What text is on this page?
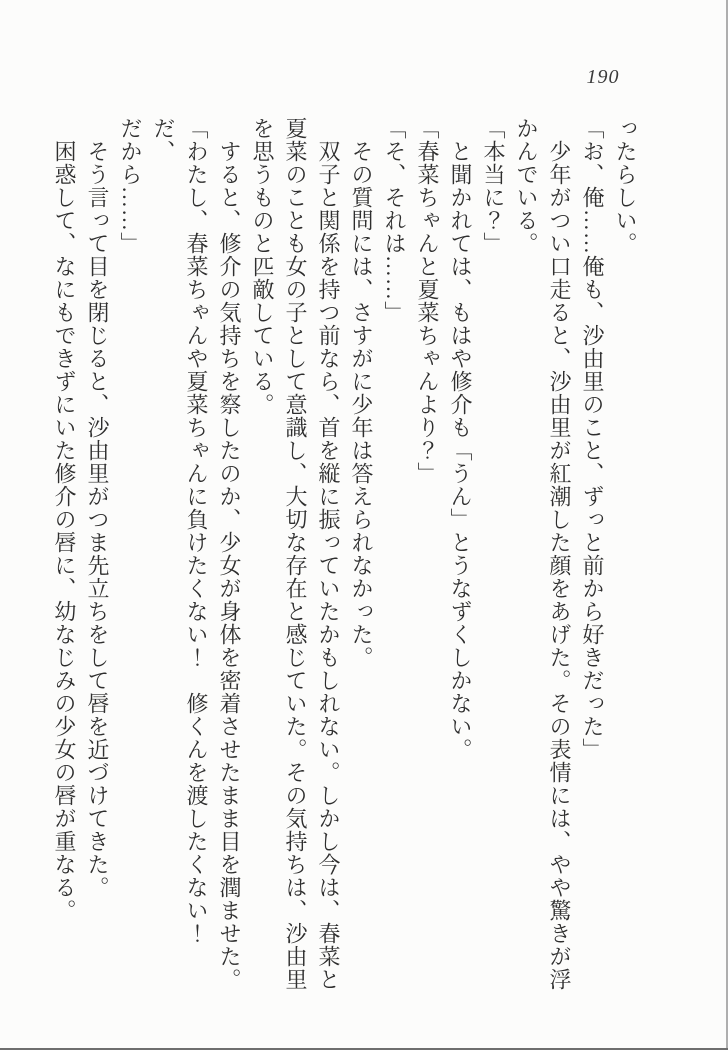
190

ったらしい。

「お、俺……俺も、沙由里のこと、ずっと前から好きだった」

　少年がつい口走ると、沙由里が紅潮した顔をあげた。その表情には、やや驚きが浮

かんでいる。

「本当に？」

　と聞かれては、もはや修介も「うん」とうなずくしかない。

「春菜ちゃんと夏菜ちゃんより？」

「そ、それは……」

　その質問には、さすがに少年は答えられなかった。

　双子と関係を持つ前なら、首を縦に振っていたかもしれない。しかし今は、春菜と

夏菜のことも女の子として意識し、大切な存在と感じていた。その気持ちは、沙由里

を思うものと匹敵している。

　すると、修介の気持ちを察したのか、少女が身体を密着させたまま目を潤ませた。

「わたし、春菜ちゃんや夏菜ちゃんに負けたくない！　修くんを渡したくない！　だ、

だから……」

　そう言って目を閉じると、沙由里がつま先立ちをして唇を近づけてきた。

　困惑して、なにもできずにいた修介の唇に、幼なじみの少女の唇が重なる。
